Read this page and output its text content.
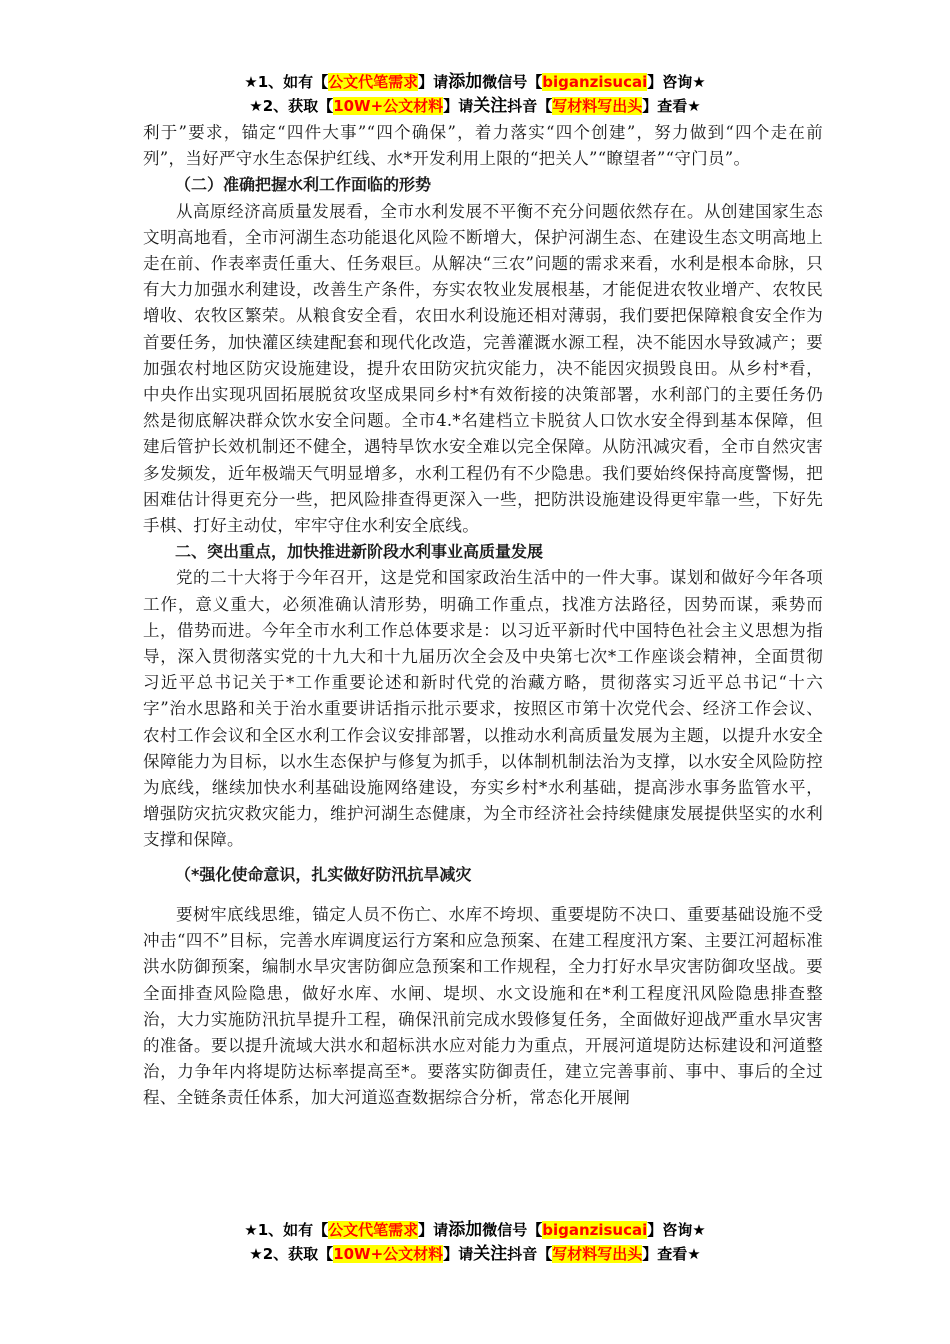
★1、如有【公文代笔需求】请添加微信号【biganzisucai】咨询★
★2、获取【10W+公文材料】请关注抖音【写材料写出头】查看★

利于”要求，锚定“四件大事”“四个确保”，着力落实“四个创建”，努力做到“四个走在前列”，当好严守水生态保护红线、水*开发利用上限的“把关人”“瞭望者”“守门员”。

（二）准确把握水利工作面临的形势

从高原经济高质量发展看，全市水利发展不平衡不充分问题依然存在。从创建国家生态文明高地看，全市河湖生态功能退化风险不断增大，保护河湖生态、在建设生态文明高地上走在前、作表率责任重大、任务艰巨。从解决“三农”问题的需求来看，水利是根本命脉，只有大力加强水利建设，改善生产条件，夯实农牧业发展根基，才能促进农牧业增产、农牧民增收、农牧区繁荣。从粮食安全看，农田水利设施还相对薄弱，我们要把保障粮食安全作为首要任务，加快灌区续建配套和现代化改造，完善灌溉水源工程，决不能因水导致减产；要加强农村地区防灾设施建设，提升农田防灾抗灾能力，决不能因灾损毁良田。从乡村*看，中央作出实现巩固拓展脱贫攻坚成果同乡村*有效衔接的决策部署，水利部门的主要任务仍然是彻底解决群众饮水安全问题。全市4.*名建档立卡脱贫人口饮水安全得到基本保障，但建后管护长效机制还不健全，遇特旱饮水安全难以完全保障。从防汛减灾看，全市自然灾害多发频发，近年极端天气明显增多，水利工程仍有不少隐患。我们要始终保持高度警惕，把困难估计得更充分一些，把风险排查得更深入一些，把防洪设施建设得更牢靠一些，下好先手棋、打好主动仗，牢牢守住水利安全底线。

二、突出重点，加快推进新阶段水利事业高质量发展

党的二十大将于今年召开，这是党和国家政治生活中的一件大事。谋划和做好今年各项工作，意义重大，必须准确认清形势，明确工作重点，找准方法路径，因势而谋，乘势而上，借势而进。今年全市水利工作总体要求是：以习近平新时代中国特色社会主义思想为指导，深入贯彻落实党的十九大和十九届历次全会及中央第七次*工作座谈会精神，全面贯彻习近平总书记关于*工作重要论述和新时代党的治藏方略，贯彻落实习近平总书记“十六字”治水思路和关于治水重要讲话指示批示要求，按照区市第十次党代会、经济工作会议、农村工作会议和全区水利工作会议安排部署，以推动水利高质量发展为主题，以提升水安全保障能力为目标，以水生态保护与修复为抓手，以体制机制法治为支撑，以水安全风险防控为底线，继续加快水利基础设施网络建设，夯实乡村*水利基础，提高涉水事务监管水平，增强防灾抗灾救灾能力，维护河湖生态健康，为全市经济社会持续健康发展提供坚实的水利支撑和保障。

（*强化使命意识，扎实做好防汛抗旱减灾

要树牢底线思维，锚定人员不伤亡、水库不垮坝、重要堤防不决口、重要基础设施不受冲击“四不”目标，完善水库调度运行方案和应急预案、在建工程度汛方案、主要江河超标准洪水防御预案，编制水旱灾害防御应急预案和工作规程，全力打好水旱灾害防御攻坚战。要全面排查风险隐患，做好水库、水闸、堤坝、水文设施和在*利工程度汛风险隐患排查整治，大力实施防汛抗旱提升工程，确保汛前完成水毁修复任务，全面做好迎战严重水旱灾害的准备。要以提升流域大洪水和超标洪水应对能力为重点，开展河道堤防达标建设和河道整治，力争年内将堤防达标率提高至*。要落实防御责任，建立完善事前、事中、事后的全过程、全链条责任体系，加大河道巡查数据综合分析，常态化开展闸

★1、如有【公文代笔需求】请添加微信号【biganzisucai】咨询★
★2、获取【10W+公文材料】请关注抖音【写材料写出头】查看★
